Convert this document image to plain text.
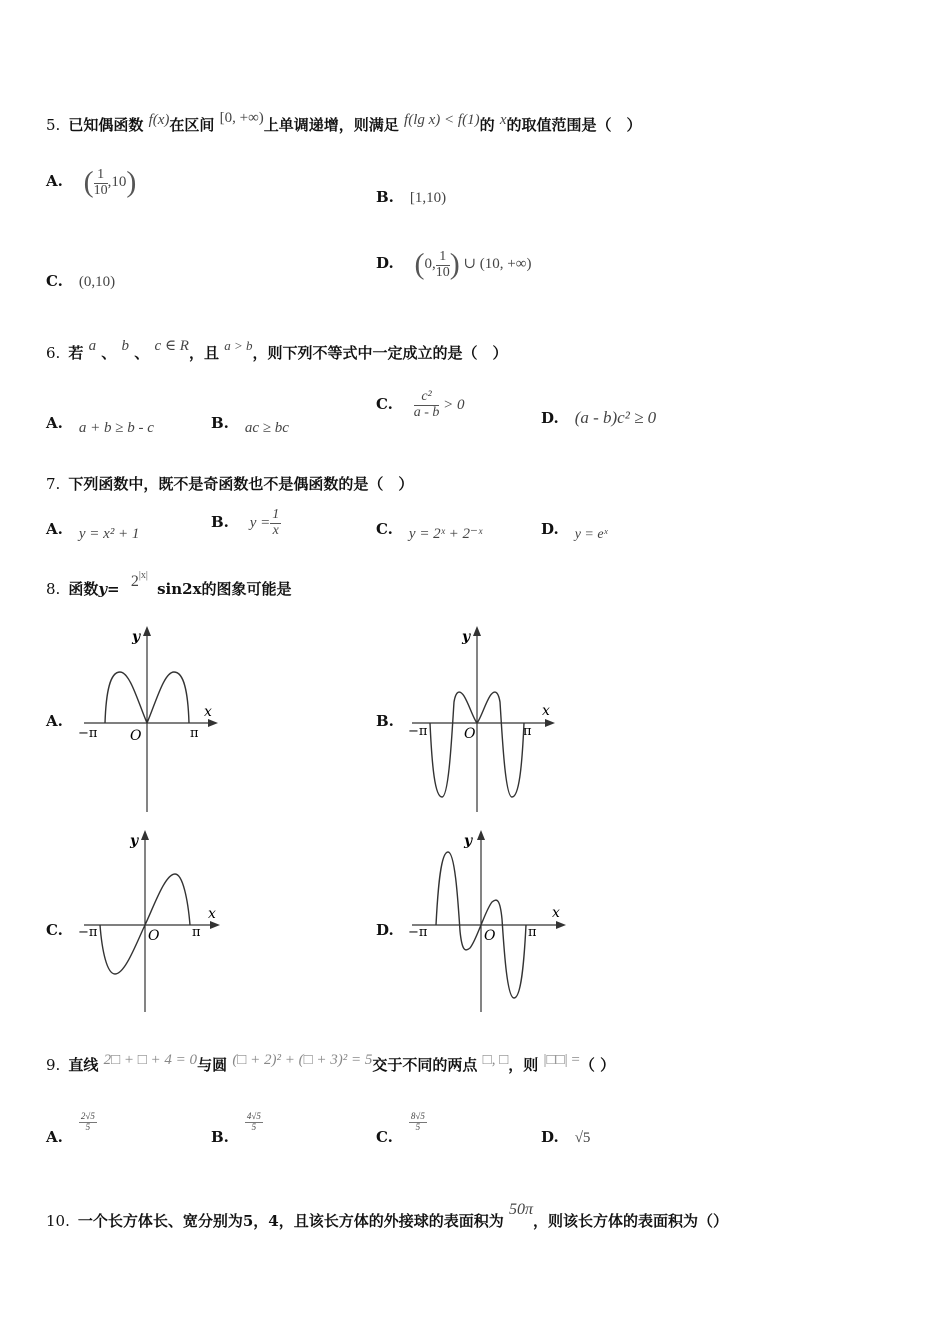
5. 已知偶函数 f(x)在区间 [0, +∞)上单调递增，则满足 f(lg x) < f(1)的 x的取值范围是（　）
A. ( $\frac{1}{10} ,10$)	B. [1,10)
C. (0,10)
D. (0, $\frac{1}{10}$ ) ∪ (10, +∞)
6. 若 a 、 b 、 c ∈ R，且 a > b，则下列不等式中一定成立的是（　）
A. a + b ≥ b - c	B. ac ≥ bc
C. $\frac{\text{c²}}{a - b} > 0$
D. (a - b)c² ≥ 0
7. 下列函数中，既不是奇函数也不是偶函数的是（　）
A. y = x² + 1
B. $y = \frac{1}{x}$	C. y = 2ˣ + 2⁻ˣ	D. y = eˣ
8. 函数$y= 2^{|x|}$ sin2x的图象可能是
A.	B.
C.	D.
y
x
O
−π	π
y
x
O
−π	π
y
x
O
−π	π
y
x
O
−π	π
9. 直线 2□ + □ + 4 = 0与圆 (□ + 2)² + (□ + 3)² = 5交于不同的两点 □, □，则 |□□| =（ ）
A.
$\frac{2√5}{5}$
B.
$\frac{4√5}{5}$
C.
$\frac{8√5}{5}$
D. √5
10. 一个长方体长、宽分别为5，4，且该长方体的外接球的表面积为 50π，则该长方体的表面积为（）
